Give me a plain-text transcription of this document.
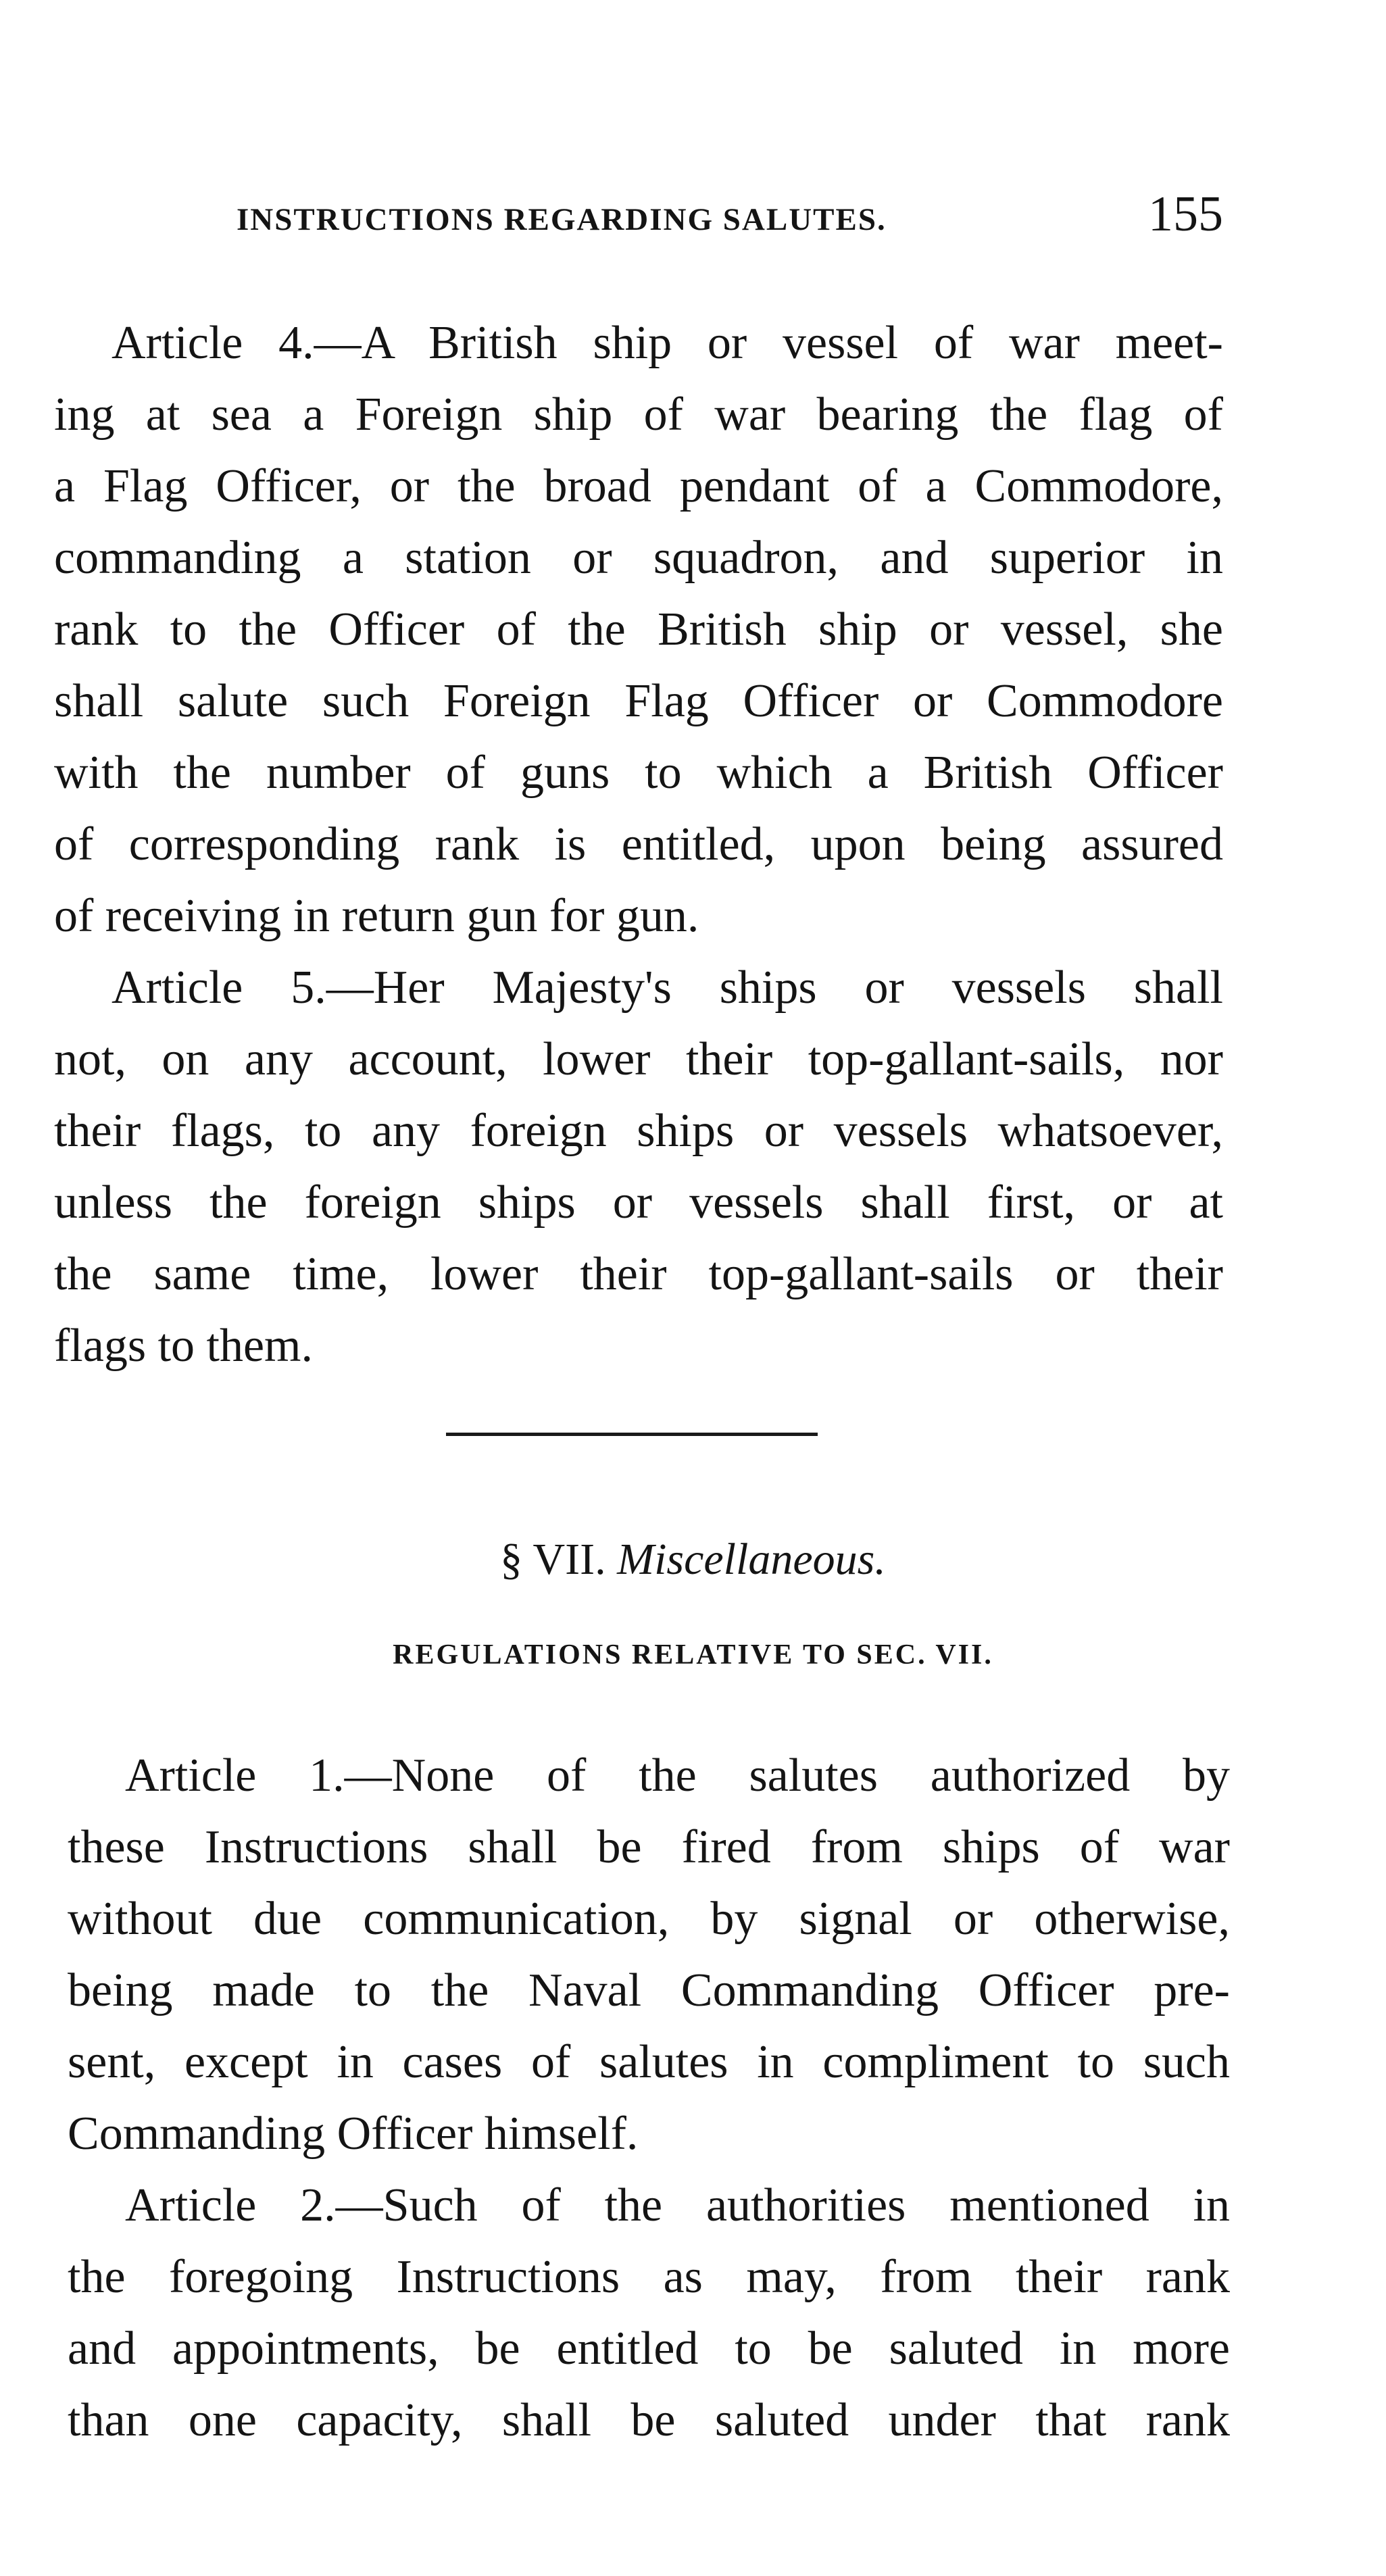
INSTRUCTIONS REGARDING SALUTES.	155
Article 4.—A British ship or vessel of war meet-
ing at sea a Foreign ship of war bearing the flag of
a Flag Officer, or the broad pendant of a Commodore,
commanding a station or squadron, and superior in
rank to the Officer of the British ship or vessel, she
shall salute such Foreign Flag Officer or Commodore
with the number of guns to which a British Officer
of corresponding rank is entitled, upon being assured
of receiving in return gun for gun.
Article 5.—Her Majesty's ships or vessels shall
not, on any account, lower their top-gallant-sails, nor
their flags, to any foreign ships or vessels whatsoever,
unless the foreign ships or vessels shall first, or at
the same time, lower their top-gallant-sails or their
flags to them.
§ VII. Miscellaneous.
REGULATIONS RELATIVE TO SEC. VII.
Article 1.—None of the salutes authorized by
these Instructions shall be fired from ships of war
without due communication, by signal or otherwise,
being made to the Naval Commanding Officer pre-
sent, except in cases of salutes in compliment to such
Commanding Officer himself.
Article 2.—Such of the authorities mentioned in
the foregoing Instructions as may, from their rank
and appointments, be entitled to be saluted in more
than one capacity, shall be saluted under that rank
